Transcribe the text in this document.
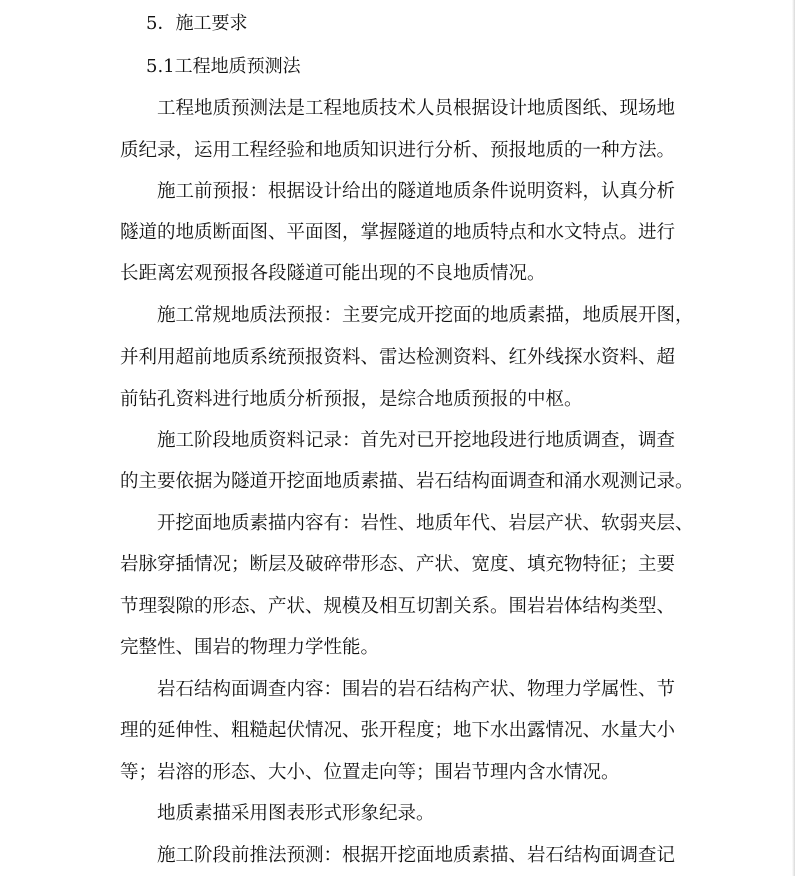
5．施工要求
5.1工程地质预测法
　　工程地质预测法是工程地质技术人员根据设计地质图纸、现场地
质纪录，运用工程经验和地质知识进行分析、预报地质的一种方法。
　　施工前预报：根据设计给出的隧道地质条件说明资料，认真分析
隧道的地质断面图、平面图，掌握隧道的地质特点和水文特点。进行
长距离宏观预报各段隧道可能出现的不良地质情况。
　　施工常规地质法预报：主要完成开挖面的地质素描，地质展开图，
并利用超前地质系统预报资料、雷达检测资料、红外线探水资料、超
前钻孔资料进行地质分析预报，是综合地质预报的中枢。
　　施工阶段地质资料记录：首先对已开挖地段进行地质调查，调查
的主要依据为隧道开挖面地质素描、岩石结构面调查和涌水观测记录。
　　开挖面地质素描内容有：岩性、地质年代、岩层产状、软弱夹层、
岩脉穿插情况；断层及破碎带形态、产状、宽度、填充物特征；主要
节理裂隙的形态、产状、规模及相互切割关系。围岩岩体结构类型、
完整性、围岩的物理力学性能。
　　岩石结构面调查内容：围岩的岩石结构产状、物理力学属性、节
理的延伸性、粗糙起伏情况、张开程度；地下水出露情况、水量大小
等；岩溶的形态、大小、位置走向等；围岩节理内含水情况。
　　地质素描采用图表形式形象纪录。
　　施工阶段前推法预测：根据开挖面地质素描、岩石结构面调查记
